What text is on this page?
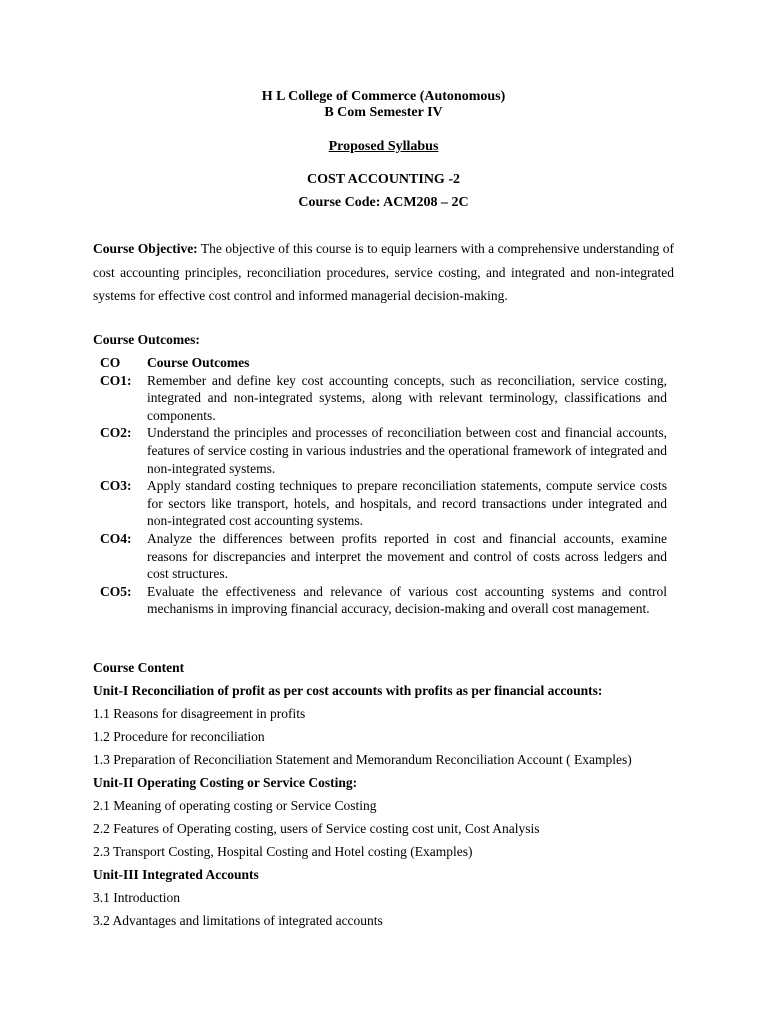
H L College of Commerce (Autonomous)
B Com Semester IV
Proposed Syllabus
COST ACCOUNTING -2
Course Code: ACM208 – 2C
Course Objective: The objective of this course is to equip learners with a comprehensive understanding of cost accounting principles, reconciliation procedures, service costing, and integrated and non-integrated systems for effective cost control and informed managerial decision-making.
Course Outcomes:
CO	Course Outcomes
CO1:	Remember and define key cost accounting concepts, such as reconciliation, service costing, integrated and non-integrated systems, along with relevant terminology, classifications and components.
CO2:	Understand the principles and processes of reconciliation between cost and financial accounts, features of service costing in various industries and the operational framework of integrated and non-integrated systems.
CO3:	Apply standard costing techniques to prepare reconciliation statements, compute service costs for sectors like transport, hotels, and hospitals, and record transactions under integrated and non-integrated cost accounting systems.
CO4:	Analyze the differences between profits reported in cost and financial accounts, examine reasons for discrepancies and interpret the movement and control of costs across ledgers and cost structures.
CO5:	Evaluate the effectiveness and relevance of various cost accounting systems and control mechanisms in improving financial accuracy, decision-making and overall cost management.
Course Content
Unit-I Reconciliation of profit as per cost accounts with profits as per financial accounts:
1.1 Reasons for disagreement in profits
1.2 Procedure for reconciliation
1.3 Preparation of Reconciliation Statement and Memorandum Reconciliation Account ( Examples)
Unit-II Operating Costing or Service Costing:
2.1 Meaning of operating costing or Service Costing
2.2 Features of Operating costing, users of Service costing cost unit, Cost Analysis
2.3 Transport Costing, Hospital Costing and Hotel costing (Examples)
Unit-III Integrated Accounts
3.1 Introduction
3.2 Advantages and limitations of integrated accounts
